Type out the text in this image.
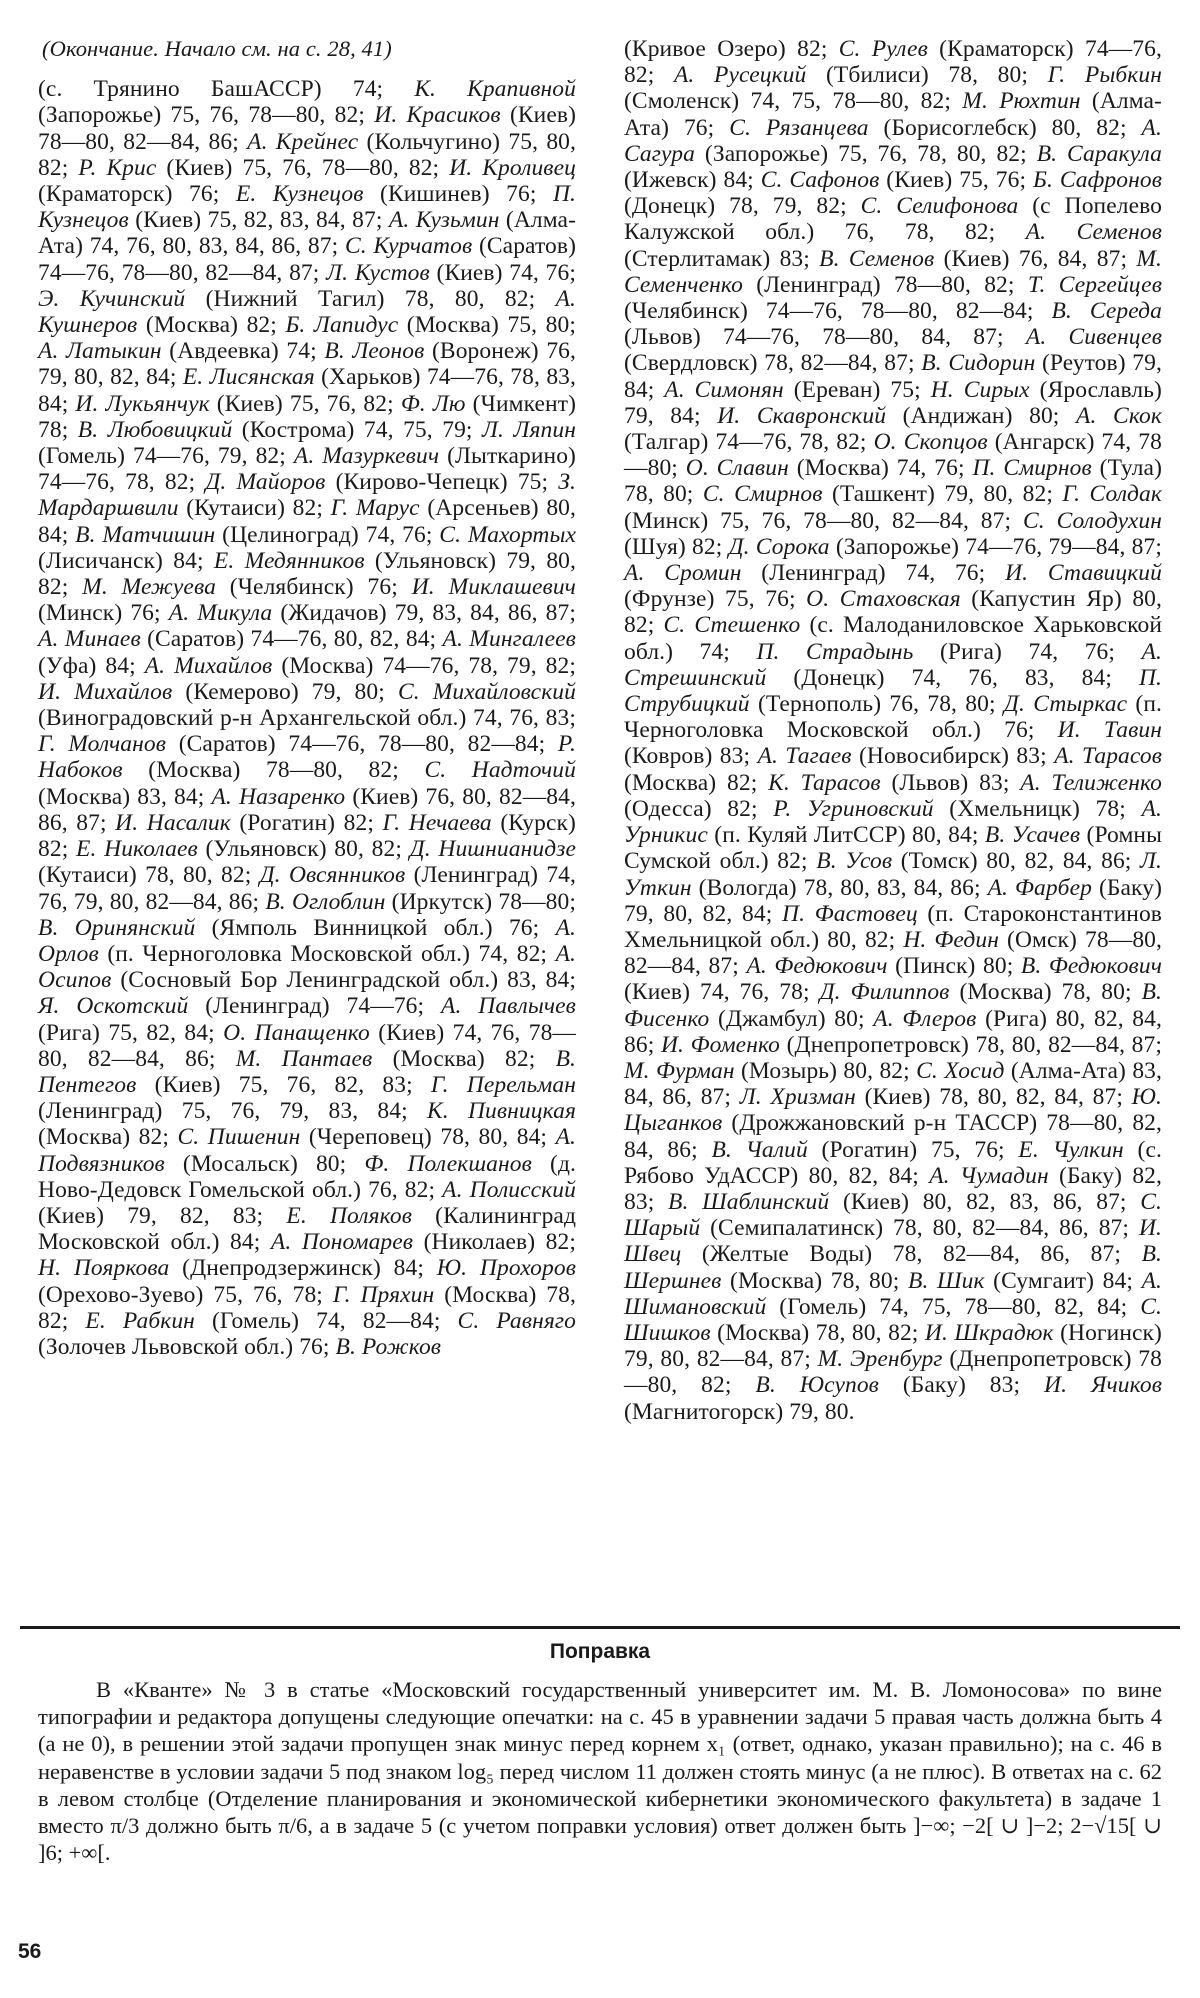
(Окончание. Начало см. на с. 28, 41)
(с. Трянино БашАССР) 74; К. Крапивной (Запорожье) 75, 76, 78—80, 82; И. Красиков (Киев) 78—80, 82—84, 86; А. Крейнес (Кольчугино) 75, 80, 82; Р. Крис (Киев) 75, 76, 78—80, 82; И. Кроливец (Краматорск) 76; Е. Кузнецов (Кишинев) 76; П. Кузнецов (Киев) 75, 82, 83, 84, 87; А. Кузьмин (Алма-Ата) 74, 76, 80, 83, 84, 86, 87; С. Курчатов (Саратов) 74—76, 78—80, 82—84, 87; Л. Кустов (Киев) 74, 76; Э. Кучинский (Нижний Тагил) 78, 80, 82; А. Кушнеров (Москва) 82; Б. Лапидус (Москва) 75, 80; А. Латыкин (Авдеевка) 74; В. Леонов (Воронеж) 76, 79, 80, 82, 84; Е. Лисянская (Харьков) 74—76, 78, 83, 84; И. Лукьянчук (Киев) 75, 76, 82; Ф. Лю (Чимкент) 78; В. Любовицкий (Кострома) 74, 75, 79; Л. Ляпин (Гомель) 74—76, 79, 82; А. Мазуркевич (Лыткарино) 74—76, 78, 82; Д. Майоров (Кирово-Чепецк) 75; З. Мардаршвили (Кутаиси) 82; Г. Марус (Арсеньев) 80, 84; В. Матчишин (Целиноград) 74, 76; С. Махортых (Лисичанск) 84; Е. Медянников (Ульяновск) 79, 80, 82; М. Межуева (Челябинск) 76; И. Миклашевич (Минск) 76; А. Микула (Жидачов) 79, 83, 84, 86, 87; А. Минаев (Саратов) 74—76, 80, 82, 84; А. Мингалеев (Уфа) 84; А. Михайлов (Москва) 74—76, 78, 79, 82; И. Михайлов (Кемерово) 79, 80; С. Михайловский (Виноградовский р-н Архангельской обл.) 74, 76, 83; Г. Молчанов (Саратов) 74—76, 78—80, 82—84; Р. Набоков (Москва) 78—80, 82; С. Надточий (Москва) 83, 84; А. Назаренко (Киев) 76, 80, 82—84, 86, 87; И. Насалик (Рогатин) 82; Г. Нечаева (Курск) 82; Е. Николаев (Ульяновск) 80, 82; Д. Нишнианидзе (Кутаиси) 78, 80, 82; Д. Овсянников (Ленинград) 74, 76, 79, 80, 82—84, 86; В. Оглоблин (Иркутск) 78—80; В. Оринянский (Ямполь Винницкой обл.) 76; А. Орлов (п. Черноголовка Московской обл.) 74, 82; А. Осипов (Сосновый Бор Ленинградской обл.) 83, 84; Я. Оскотский (Ленинград) 74—76; А. Павлычев (Рига) 75, 82, 84; О. Панащенко (Киев) 74, 76, 78—80, 82—84, 86; М. Пантаев (Москва) 82; В. Пентегов (Киев) 75, 76, 82, 83; Г. Перельман (Ленинград) 75, 76, 79, 83, 84; К. Пивницкая (Москва) 82; С. Пишенин (Череповец) 78, 80, 84; А. Подвязников (Мосальск) 80; Ф. Полекшанов (д. Ново-Дедовск Гомельской обл.) 76, 82; А. Полисский (Киев) 79, 82, 83; Е. Поляков (Калининград Московской обл.) 84; А. Пономарев (Николаев) 82; Н. Пояркова (Днепродзержинск) 84; Ю. Прохоров (Орехово-Зуево) 75, 76, 78; Г. Пряхин (Москва) 78, 82; Е. Рабкин (Гомель) 74, 82—84; С. Равняго (Золочев Львовской обл.) 76; В. Рожков
(Кривое Озеро) 82; С. Рулев (Краматорск) 74—76, 82; А. Русецкий (Тбилиси) 78, 80; Г. Рыбкин (Смоленск) 74, 75, 78—80, 82; М. Рюхтин (Алма-Ата) 76; С. Рязанцева (Борисоглебск) 80, 82; А. Сагура (Запорожье) 75, 76, 78, 80, 82; В. Саракула (Ижевск) 84; С. Сафонов (Киев) 75, 76; Б. Сафронов (Донецк) 78, 79, 82; С. Селифонова (с Попелево Калужской обл.) 76, 78, 82; А. Семенов (Стерлитамак) 83; В. Семенов (Киев) 76, 84, 87; М. Семенченко (Ленинград) 78—80, 82; Т. Сергейцев (Челябинск) 74—76, 78—80, 82—84; В. Середа (Львов) 74—76, 78—80, 84, 87; А. Сивенцев (Свердловск) 78, 82—84, 87; В. Сидорин (Реутов) 79, 84; А. Симонян (Ереван) 75; Н. Сирых (Ярославль) 79, 84; И. Скавронский (Андижан) 80; А. Скок (Талгар) 74—76, 78, 82; О. Скопцов (Ангарск) 74, 78—80; О. Славин (Москва) 74, 76; П. Смирнов (Тула) 78, 80; С. Смирнов (Ташкент) 79, 80, 82; Г. Солдак (Минск) 75, 76, 78—80, 82—84, 87; С. Солодухин (Шуя) 82; Д. Сорока (Запорожье) 74—76, 79—84, 87; А. Сромин (Ленинград) 74, 76; И. Ставицкий (Фрунзе) 75, 76; О. Стаховская (Капустин Яр) 80, 82; С. Стешенко (с. Малоданиловское Харьковской обл.) 74; П. Страдынь (Рига) 74, 76; А. Стрешинский (Донецк) 74, 76, 83, 84; П. Струбицкий (Тернополь) 76, 78, 80; Д. Стыркас (п. Черноголовка Московской обл.) 76; И. Тавин (Ковров) 83; А. Тагаев (Новосибирск) 83; А. Тарасов (Москва) 82; К. Тарасов (Львов) 83; А. Телиженко (Одесса) 82; Р. Угриновский (Хмельницк) 78; А. Урникис (п. Куляй ЛитССР) 80, 84; В. Усачев (Ромны Сумской обл.) 82; В. Усов (Томск) 80, 82, 84, 86; Л. Уткин (Вологда) 78, 80, 83, 84, 86; А. Фарбер (Баку) 79, 80, 82, 84; П. Фастовец (п. Староконстантинов Хмельницкой обл.) 80, 82; Н. Федин (Омск) 78—80, 82—84, 87; А. Федюкович (Пинск) 80; В. Федюкович (Киев) 74, 76, 78; Д. Филиппов (Москва) 78, 80; В. Фисенко (Джамбул) 80; А. Флеров (Рига) 80, 82, 84, 86; И. Фоменко (Днепропетровск) 78, 80, 82—84, 87; М. Фурман (Мозырь) 80, 82; С. Хосид (Алма-Ата) 83, 84, 86, 87; Л. Хризман (Киев) 78, 80, 82, 84, 87; Ю. Цыганков (Дрожжановский р-н ТАССР) 78—80, 82, 84, 86; В. Чалий (Рогатин) 75, 76; Е. Чулкин (с. Рябово УдАССР) 80, 82, 84; А. Чумадин (Баку) 82, 83; В. Шаблинский (Киев) 80, 82, 83, 86, 87; С. Шарый (Семипалатинск) 78, 80, 82—84, 86, 87; И. Швец (Желтые Воды) 78, 82—84, 86, 87; В. Шершнев (Москва) 78, 80; В. Шик (Сумгаит) 84; А. Шимановский (Гомель) 74, 75, 78—80, 82, 84; С. Шишков (Москва) 78, 80, 82; И. Шкрадюк (Ногинск) 79, 80, 82—84, 87; М. Эренбург (Днепропетровск) 78—80, 82; В. Юсупов (Баку) 83; И. Ячиков (Магнитогорск) 79, 80.
Поправка

В «Кванте» № 3 в статье «Московский государственный университет им. М. В. Ломоносова» по вине типографии и редактора допущены следующие опечатки: на с. 45 в уравнении задачи 5 правая часть должна быть 4 (а не 0), в решении этой задачи пропущен знак минус перед корнем x₁ (ответ, однако, указан правильно); на с. 46 в неравенстве в условии задачи 5 под знаком log₅ перед числом 11 должен стоять минус (а не плюс). В ответах на с. 62 в левом столбце (Отделение планирования и экономической кибернетики экономического факультета) в задаче 1 вместо π/3 должно быть π/6, а в задаче 5 (с учетом поправки условия) ответ должен быть ]−∞; −2[ ∪ ]−2; 2−√15[ ∪ ]6; +∞[.

56
